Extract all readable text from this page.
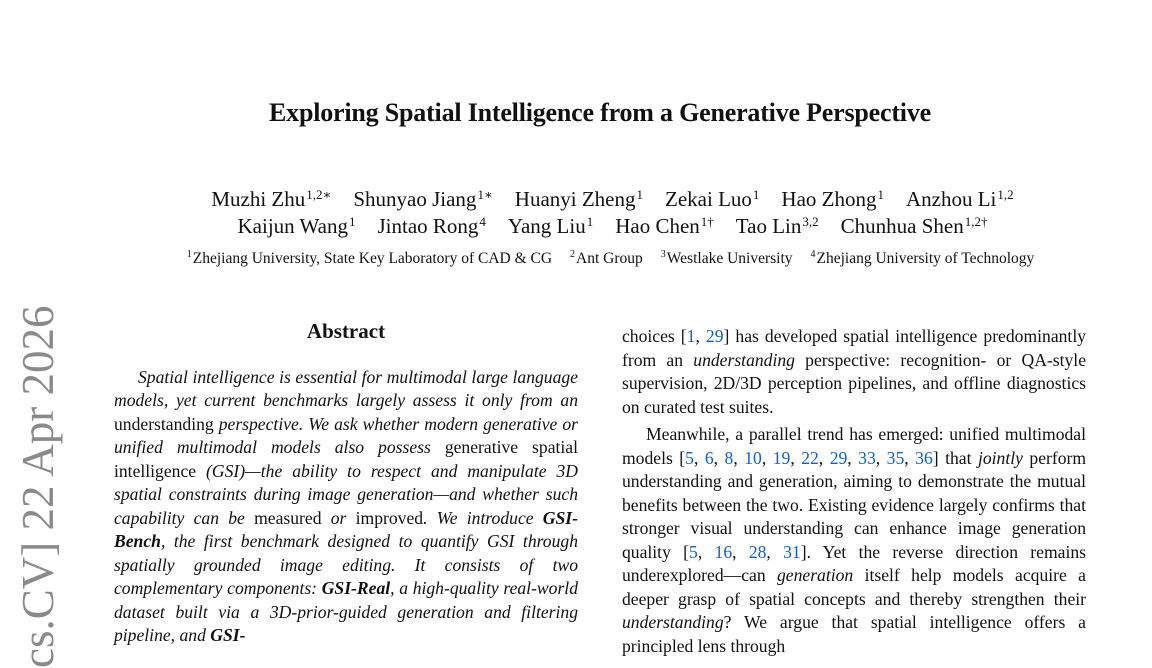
Exploring Spatial Intelligence from a Generative Perspective
Muzhi Zhu$^{1,2∗}$ Shunyao Jiang$^{1∗}$ Huanyi Zheng$^1$ Zekai Luo$^1$ Hao Zhong$^1$ Anzhou Li$^{1,2}$
Kaijun Wang$^1$ Jintao Rong$^4$ Yang Liu$^1$ Hao Chen$^{1\dagger}$ Tao Lin$^{3,2}$ Chunhua Shen$^{1,2\dagger}$
$^1$Zhejiang University, State Key Laboratory of CAD & CG $^2$Ant Group $^3$Westlake University $^4$Zhejiang University of Technology
cs.CV] 22 Apr 2026	Abstract

Spatial intelligence is essential for multimodal large language models, yet current benchmarks largely assess it only from an understanding perspective. We ask whether modern generative or unified multimodal models also possess generative spatial intelligence (GSI)—the ability to respect and manipulate 3D spatial constraints during image generation—and whether such capability can be measured or improved. We introduce GSI-Bench, the first benchmark designed to quantify GSI through spatially grounded image editing. It consists of two complementary components: GSI-Real, a high-quality real-world dataset built via a 3D-prior-guided generation and filtering pipeline, and GSI-

choices [1, 29] has developed spatial intelligence predominantly from an understanding perspective: recognition- or QA-style supervision, 2D/3D perception pipelines, and offline diagnostics on curated test suites.

Meanwhile, a parallel trend has emerged: unified multimodal models [5, 6, 8, 10, 19, 22, 29, 33, 35, 36] that jointly perform understanding and generation, aiming to demonstrate the mutual benefits between the two. Existing evidence largely confirms that stronger visual understanding can enhance image generation quality [5, 16, 28, 31]. Yet the reverse direction remains underexplored—can generation itself help models acquire a deeper grasp of spatial concepts and thereby strengthen their understanding? We argue that spatial intelligence offers a principled lens through
